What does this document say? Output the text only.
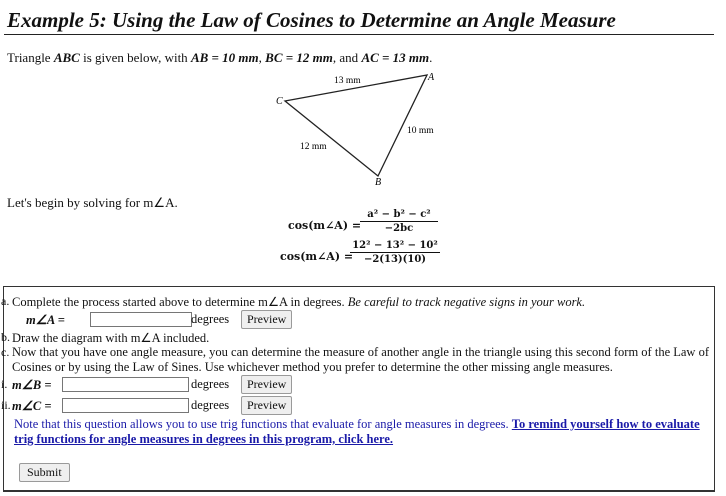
Example 5: Using the Law of Cosines to Determine an Angle Measure
Triangle ABC is given below, with AB = 10 mm, BC = 12 mm, and AC = 13 mm.
A
B
C
13 mm
10 mm
12 mm
Let's begin by solving for m∠A.
cos(m∠A) =
$\frac{\text{a² − b² − c²}}{-2bc}$
cos(m∠A) =
$\frac{\text{12² − 13² − 10²}}{-2(13)(10)}$
a. Complete the process started above to determine m∠A in degrees. Be careful to track negative signs in your work.
m∠A =	degrees	Preview
b. Draw the diagram with m∠A included.
c. Now that you have one angle measure, you can determine the measure of another angle in the triangle using this second form of the Law of
Cosines or by using the Law of Sines. Use whichever method you prefer to determine the other missing angle measures.
i. m∠B =	degrees	Preview
ii. m∠C =	degrees	Preview
Note that this question allows you to use trig functions that evaluate for angle measures in degrees. To remind yourself how to evaluate trig functions for angle measures in degrees in this program, click here.
Submit
